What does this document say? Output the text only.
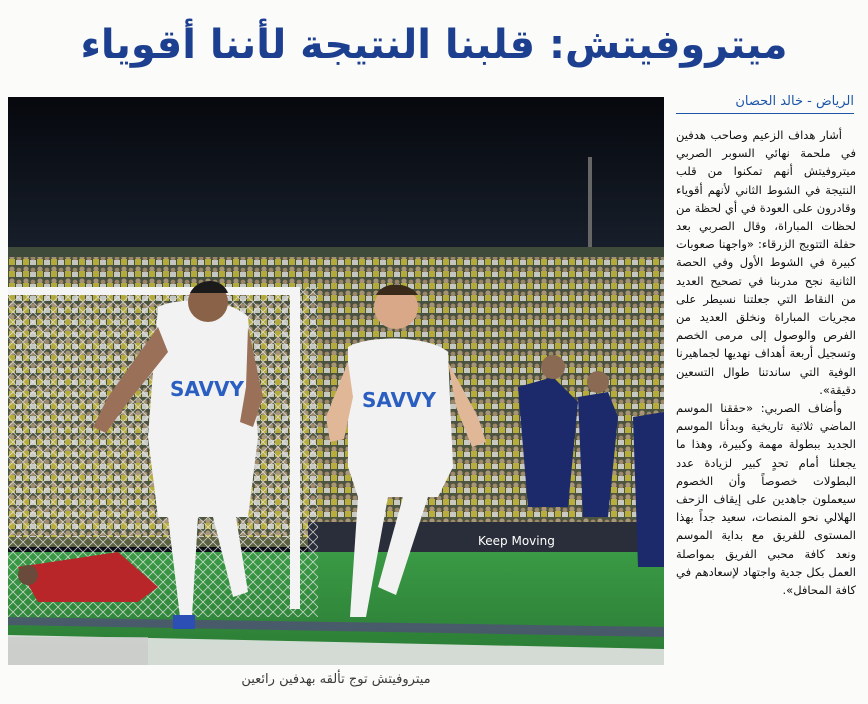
ميتروفيتش: قلبنا النتيجة لأننا أقوياء
Keep Moving
SAVVY	SAVVY
ميتروفيتش توج تألقه بهدفين رائعين
الرياض - خالد الحصان

أشار هداف الزعيم وصاحب هدفين في ملحمة نهائي السوبر الصربي ميتروفيتش أنهم تمكنوا من قلب النتيجة في الشوط الثاني لأنهم أقوياء وقادرون على العودة في أي لحظة من لحظات المباراة، وقال الصربي بعد حفلة التتويج الزرقاء: «واجهنا صعوبات كبيرة في الشوط الأول وفي الحصة الثانية نجح مدربنا في تصحيح العديد من النقاط التي جعلتنا نسيطر على مجريات المباراة ونخلق العديد من الفرص والوصول إلى مرمى الخصم وتسجيل أربعة أهداف نهديها لجماهيرنا الوفية التي ساندتنا طوال التسعين دقيقة».

وأضاف الصربي: «حققنا الموسم الماضي ثلاثية تاريخية وبدأنا الموسم الجديد ببطولة مهمة وكبيرة، وهذا ما يجعلنا أمام تحدٍ كبير لزيادة عدد البطولات خصوصاً وأن الخصوم سيعملون جاهدين على إيقاف الزحف الهلالي نحو المنصات، سعيد جداً بهذا المستوى للفريق مع بداية الموسم ونعد كافة محبي الفريق بمواصلة العمل بكل جدية واجتهاد لإسعادهم في كافة المحافل».
